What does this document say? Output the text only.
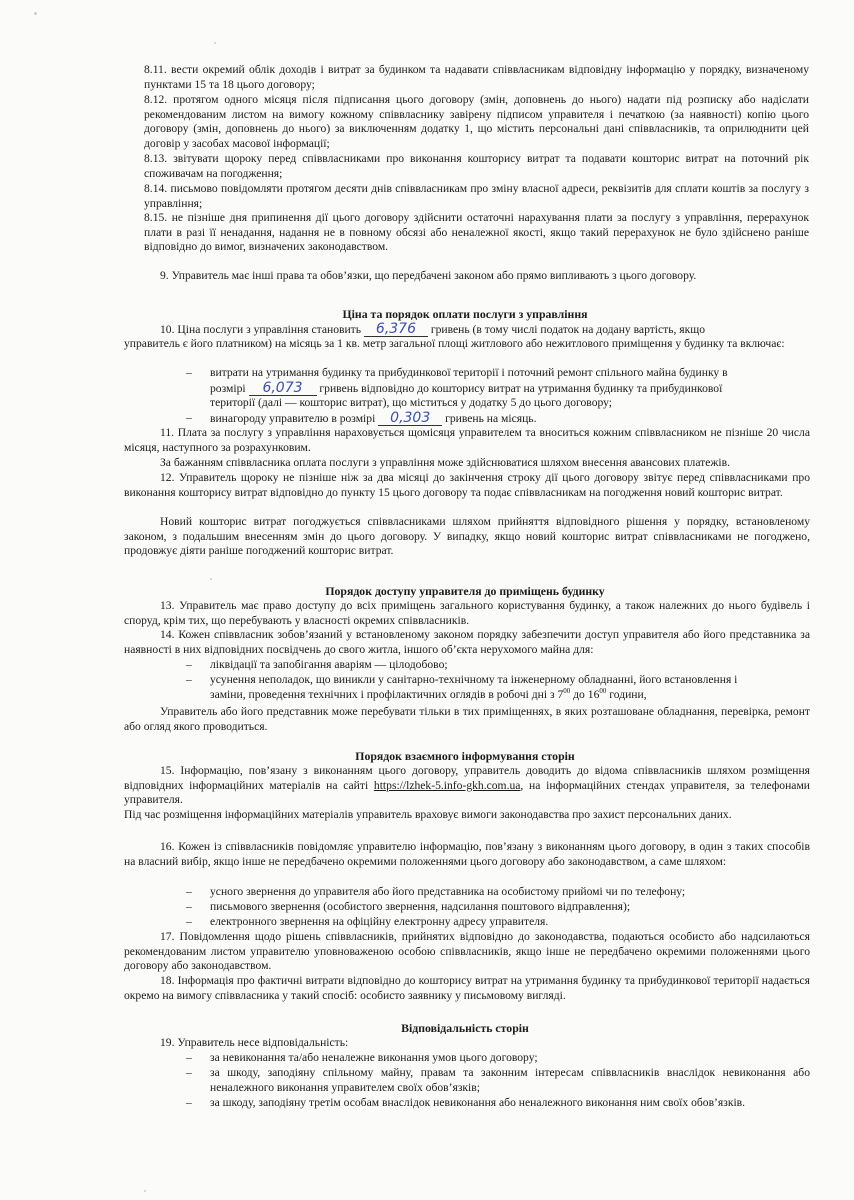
8.11. вести окремий облік доходів і витрат за будинком та надавати співвласникам відповідну інформацію у порядку, визначеному пунктами 15 та 18 цього договору;

8.12. протягом одного місяця після підписання цього договору (змін, доповнень до нього) надати під розписку або надіслати рекомендованим листом на вимогу кожному співвласнику завірену підписом управителя і печаткою (за наявності) копію цього договору (змін, доповнень до нього) за виключенням додатку 1, що містить персональні дані співвласників, та оприлюднити цей договір у засобах масової інформації;

8.13. звітувати щороку перед співвласниками про виконання кошторису витрат та подавати кошторис витрат на поточний рік споживачам на погодження;

8.14. письмово повідомляти протягом десяти днів співвласникам про зміну власної адреси, реквізитів для сплати коштів за послугу з управління;

8.15. не пізніше дня припинення дії цього договору здійснити остаточні нарахування плати за послугу з управління, перерахунок плати в разі її ненадання, надання не в повному обсязі або неналежної якості, якщо такий перерахунок не було здійснено раніше відповідно до вимог, визначених законодавством.

9. Управитель має інші права та обов’язки, що передбачені законом або прямо випливають з цього договору.

Ціна та порядок оплати послуги з управління

10. Ціна послуги з управління становить 6,376 гривень (в тому числі податок на додану вартість, якщо

управитель є його платником) на місяць за 1 кв. метр загальної площі житлового або нежитлового приміщення у будинку та включає:

– витрати на утримання будинку та прибудинкової території і поточний ремонт спільного майна будинку в

розмірі 6,073 гривень відповідно до кошторису витрат на утримання будинку та прибудинкової

території (далі — кошторис витрат), що міститься у додатку 5 до цього договору;

– винагороду управителю в розмірі 0,303 гривень на місяць.

11. Плата за послугу з управління нараховується щомісяця управителем та вноситься кожним співвласником не пізніше 20 числа місяця, наступного за розрахунковим.

За бажанням співвласника оплата послуги з управління може здійснюватися шляхом внесення авансових платежів.

12. Управитель щороку не пізніше ніж за два місяці до закінчення строку дії цього договору звітує перед співвласниками про виконання кошторису витрат відповідно до пункту 15 цього договору та подає співвласникам на погодження новий кошторис витрат.

Новий кошторис витрат погоджується співвласниками шляхом прийняття відповідного рішення у порядку, встановленому законом, з подальшим внесенням змін до цього договору. У випадку, якщо новий кошторис витрат співвласниками не погоджено, продовжує діяти раніше погоджений кошторис витрат.

Порядок доступу управителя до приміщень будинку

13. Управитель має право доступу до всіх приміщень загального користування будинку, а також належних до нього будівель і споруд, крім тих, що перебувають у власності окремих співвласників.

14. Кожен співвласник зобов’язаний у встановленому законом порядку забезпечити доступ управителя або його представника за наявності в них відповідних посвідчень до свого житла, іншого об’єкта нерухомого майна для:

– ліквідації та запобігання аваріям — цілодобово;

– усунення неполадок, що виникли у санітарно-технічному та інженерному обладнанні, його встановлення і

заміни, проведення технічних і профілактичних оглядів в робочі дні з $7^{00}$ до $16^{00}$ години,

Управитель або його представник може перебувати тільки в тих приміщеннях, в яких розташоване обладнання, перевірка, ремонт або огляд якого проводиться.

Порядок взаємного інформування сторін

15. Інформацію, пов’язану з виконанням цього договору, управитель доводить до відома співвласників шляхом розміщення відповідних інформаційних матеріалів на сайті https://lzhek-5.info-gkh.com.ua, на інформаційних стендах управителя, за телефонами управителя.

Під час розміщення інформаційних матеріалів управитель враховує вимоги законодавства про захист персональних даних.

16. Кожен із співвласників повідомляє управителю інформацію, пов’язану з виконанням цього договору, в один з таких способів на власний вибір, якщо інше не передбачено окремими положеннями цього договору або законодавством, а саме шляхом:

– усного звернення до управителя або його представника на особистому прийомі чи по телефону;

– письмового звернення (особистого звернення, надсилання поштового відправлення);

– електронного звернення на офіційну електронну адресу управителя.

17. Повідомлення щодо рішень співвласників, прийнятих відповідно до законодавства, подаються особисто або надсилаються рекомендованим листом управителю уповноваженою особою співвласників, якщо інше не передбачено окремими положеннями цього договору або законодавством.

18. Інформація про фактичні витрати відповідно до кошторису витрат на утримання будинку та прибудинкової території надається окремо на вимогу співвласника у такий спосіб: особисто заявнику у письмовому вигляді.

Відповідальність сторін

19. Управитель несе відповідальність:

– за невиконання та/або неналежне виконання умов цього договору;

– за шкоду, заподіяну спільному майну, правам та законним інтересам співвласників внаслідок невиконання або неналежного виконання управителем своїх обов’язків;

– за шкоду, заподіяну третім особам внаслідок невиконання або неналежного виконання ним своїх обов’язків.
